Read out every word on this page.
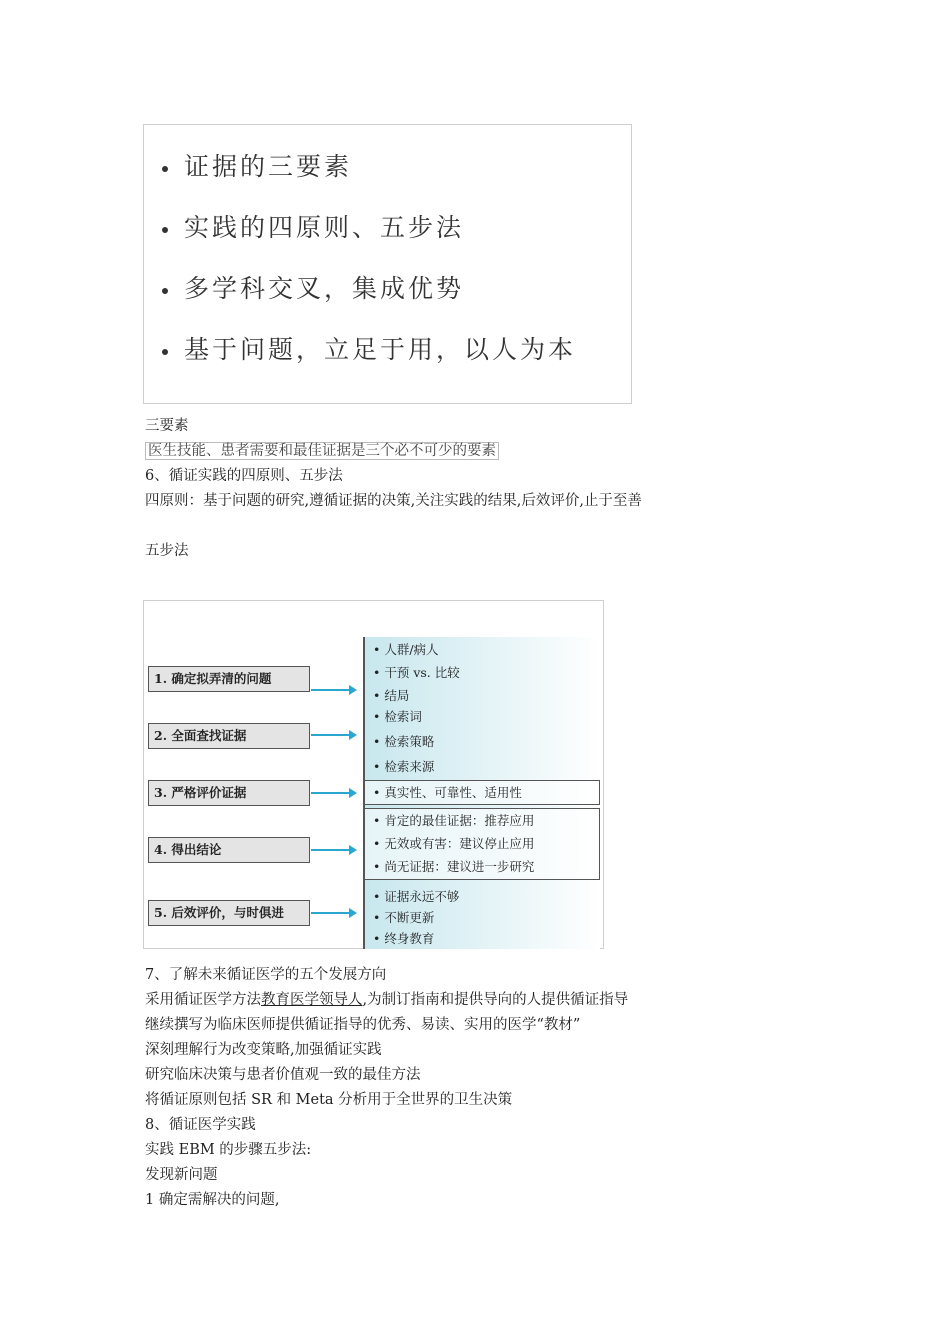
证据的三要素
实践的四原则、五步法
多学科交叉，集成优势
基于问题，立足于用，以人为本
三要素
医生技能、患者需要和最佳证据是三个必不可少的要素
6、循证实践的四原则、五步法
四原则：基于问题的研究,遵循证据的决策,关注实践的结果,后效评价,止于至善
五步法
1. 确定拟弄清的问题
• 人群/病人
• 干预 vs. 比较
• 结局
2. 全面查找证据
• 检索词
• 检索策略
• 检索来源
3. 严格评价证据	• 真实性、可靠性、适用性
4. 得出结论
• 肯定的最佳证据：推荐应用
• 无效或有害：建议停止应用
• 尚无证据：建议进一步研究
5. 后效评价，与时俱进
• 证据永远不够
• 不断更新
• 终身教育
7、了解未来循证医学的五个发展方向
采用循证医学方法教育医学领导人,为制订指南和提供导向的人提供循证指导
继续撰写为临床医师提供循证指导的优秀、易读、实用的医学“教材”
深刻理解行为改变策略,加强循证实践
研究临床决策与患者价值观一致的最佳方法
将循证原则包括 SR 和 Meta 分析用于全世界的卫生决策
8、循证医学实践
实践 EBM 的步骤五步法:
发现新问题
1 确定需解决的问题,
